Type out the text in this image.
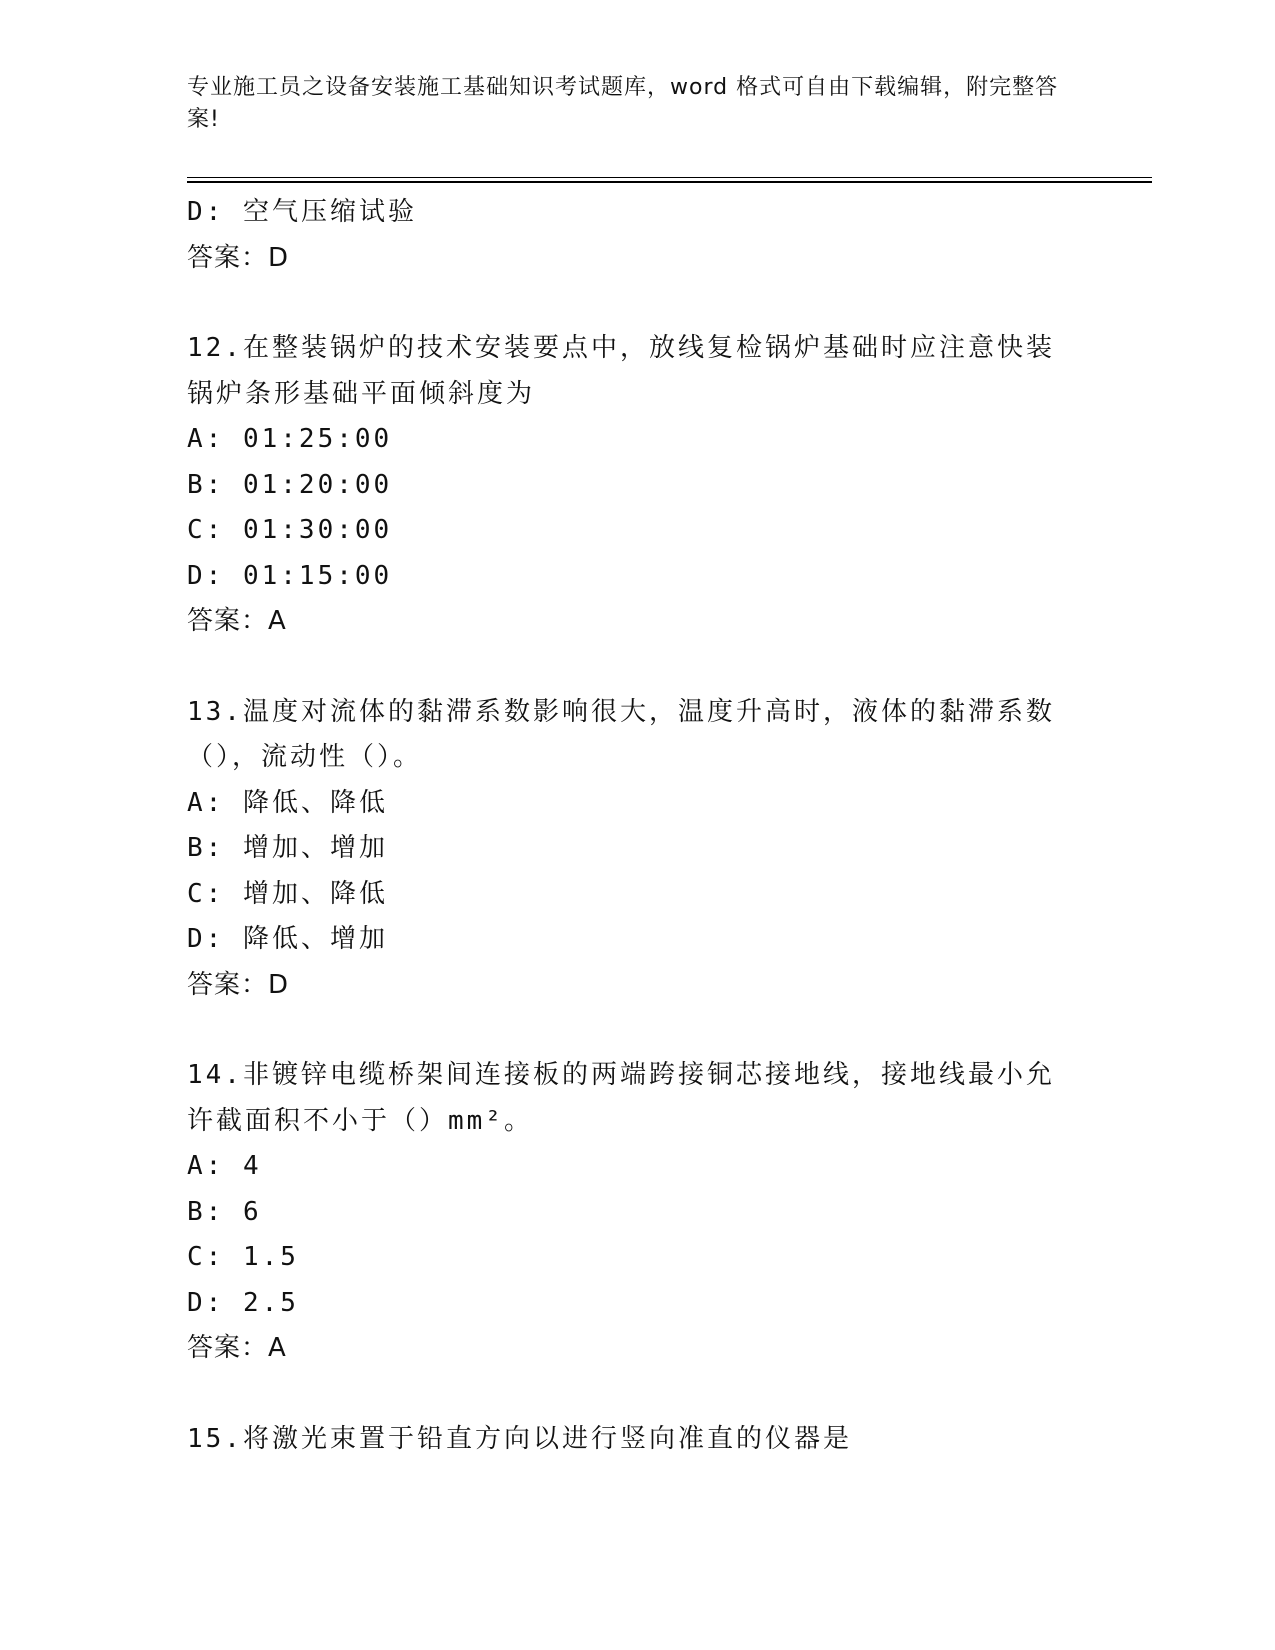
专业施工员之设备安装施工基础知识考试题库，word 格式可自由下载编辑，附完整答案!
D: 空气压缩试验
答案：D
12.在整装锅炉的技术安装要点中，放线复检锅炉基础时应注意快装锅炉条形基础平面倾斜度为
A: 01:25:00
B: 01:20:00
C: 01:30:00
D: 01:15:00
答案：A
13.温度对流体的黏滞系数影响很大，温度升高时，液体的黏滞系数（），流动性（）。
A: 降低、降低
B: 增加、增加
C: 增加、降低
D: 降低、增加
答案：D
14.非镀锌电缆桥架间连接板的两端跨接铜芯接地线，接地线最小允许截面积不小于（）mm²。
A: 4
B: 6
C: 1.5
D: 2.5
答案：A
15.将激光束置于铅直方向以进行竖向准直的仪器是
